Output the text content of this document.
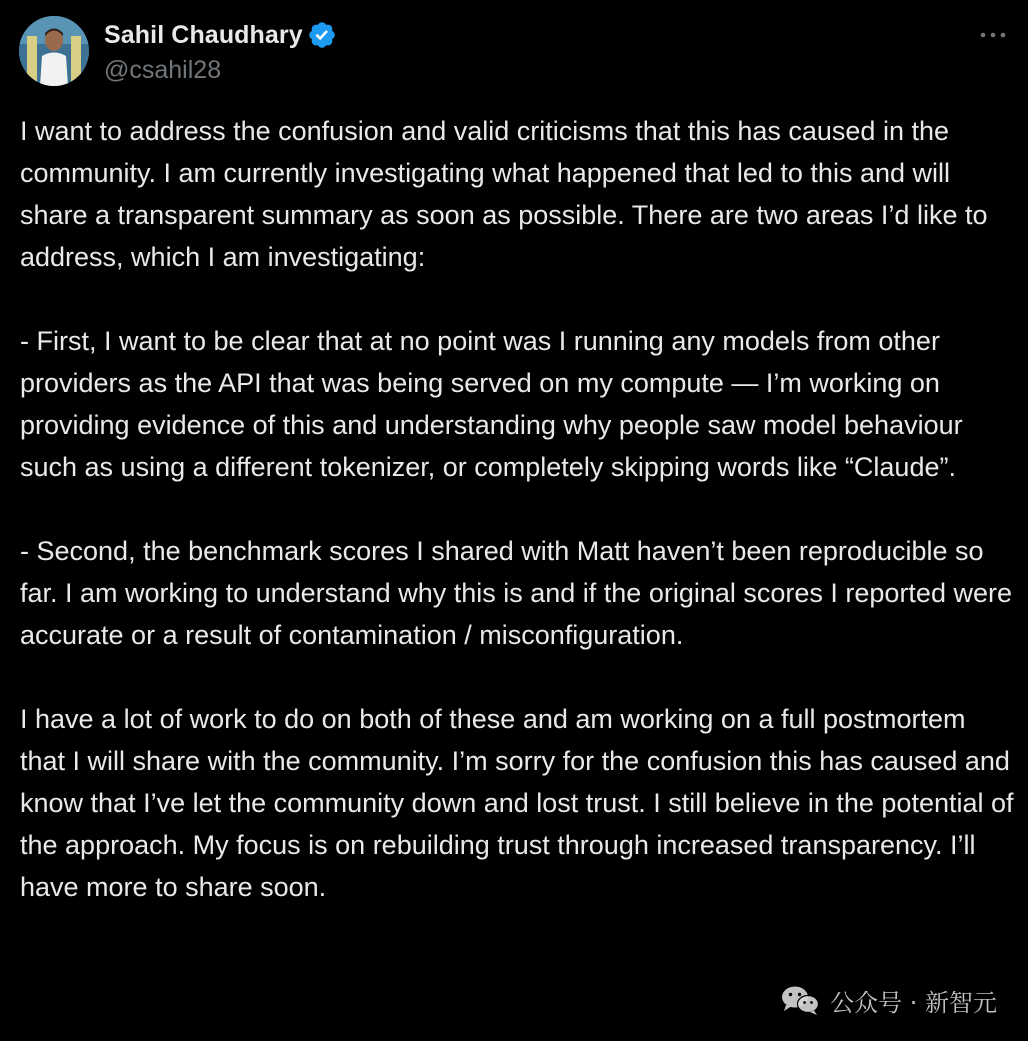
Sahil Chaudhary
@csahil28

I want to address the confusion and valid criticisms that this has caused in the community. I am currently investigating what happened that led to this and will share a transparent summary as soon as possible. There are two areas I’d like to address, which I am investigating:

- First, I want to be clear that at no point was I running any models from other providers as the API that was being served on my compute — I’m working on providing evidence of this and understanding why people saw model behaviour such as using a different tokenizer, or completely skipping words like “Claude”.

- Second, the benchmark scores I shared with Matt haven’t been reproducible so far. I am working to understand why this is and if the original scores I reported were accurate or a result of contamination / misconfiguration.

I have a lot of work to do on both of these and am working on a full postmortem that I will share with the community. I’m sorry for the confusion this has caused and know that I’ve let the community down and lost trust. I still believe in the potential of the approach. My focus is on rebuilding trust through increased transparency. I’ll have more to share soon.

公众号 · 新智元
